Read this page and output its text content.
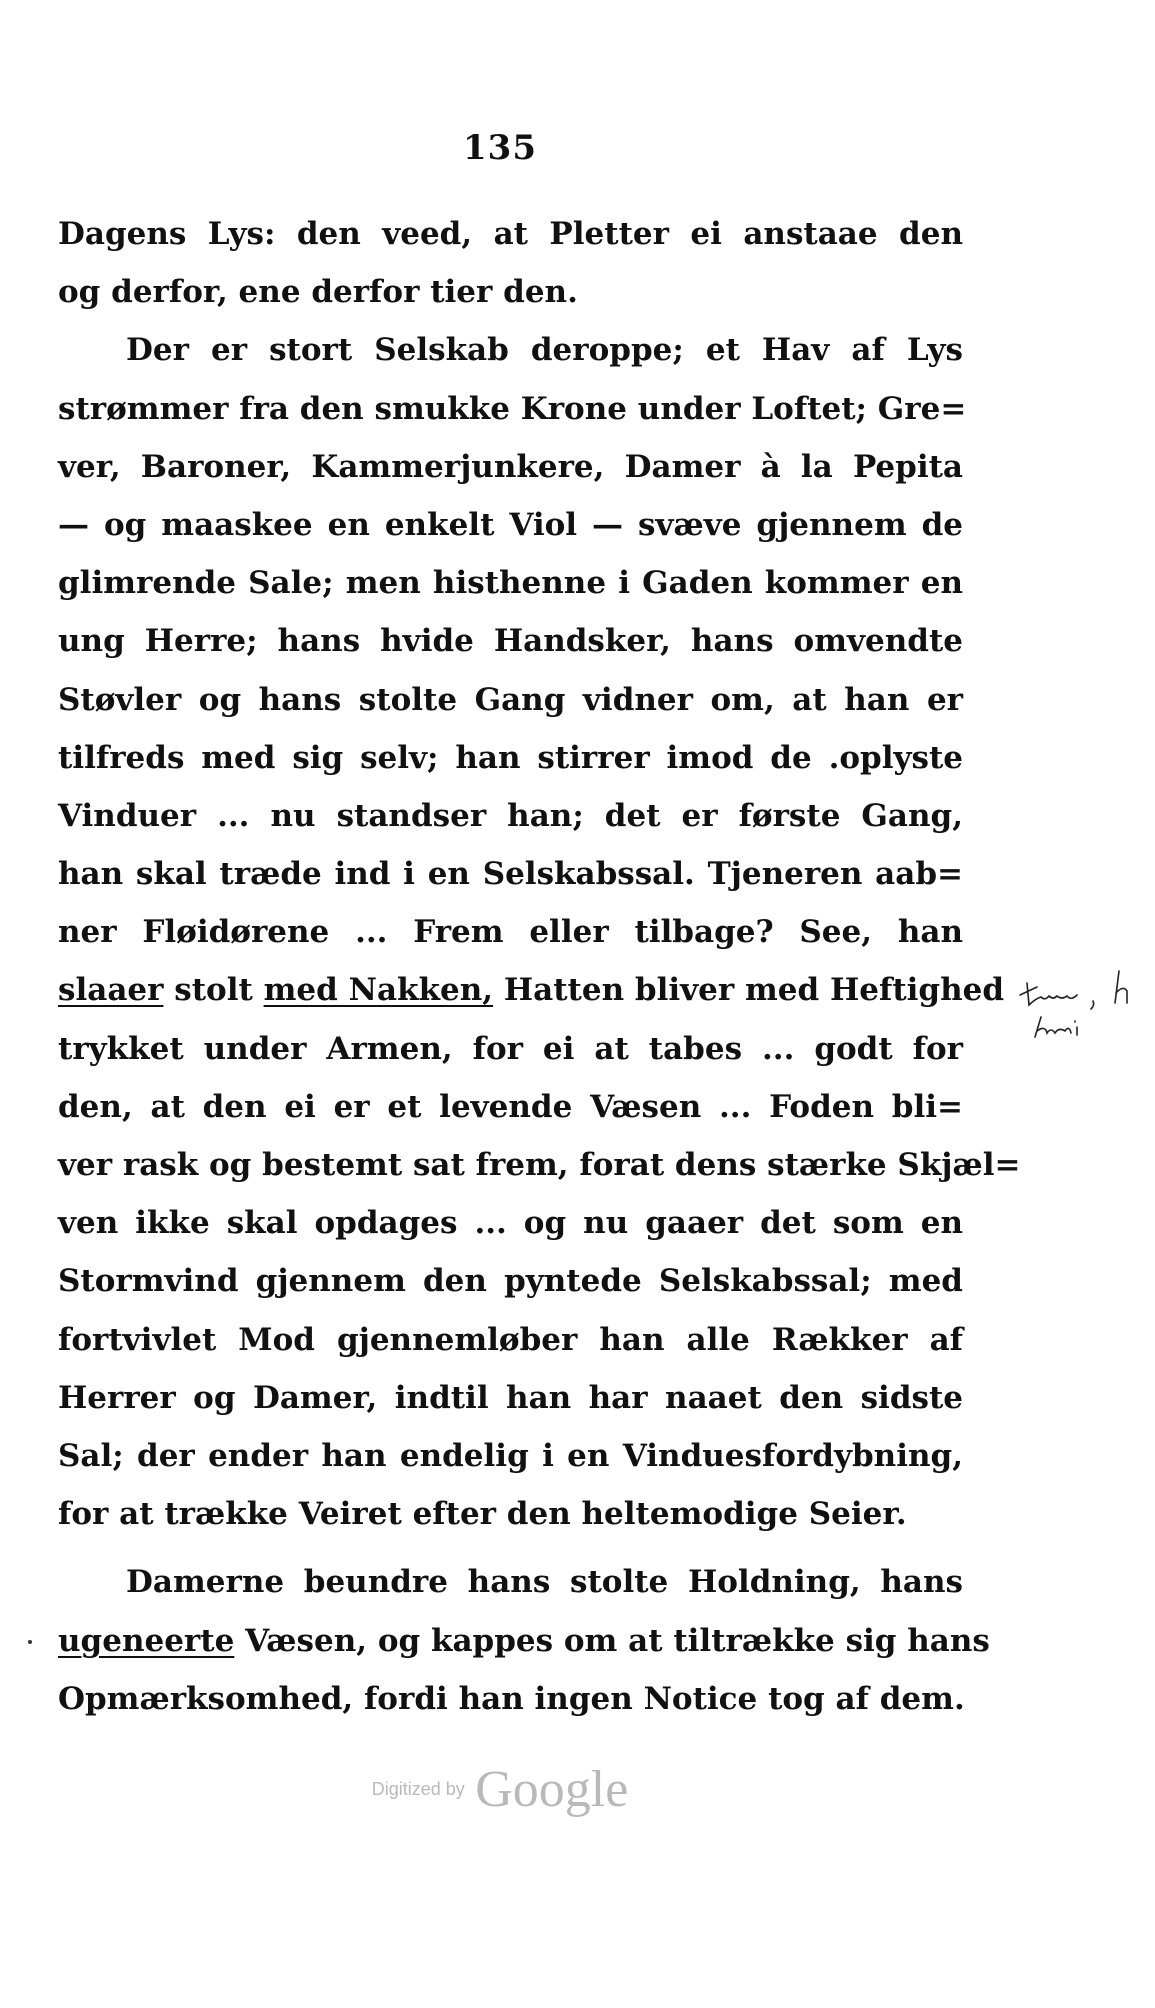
135
Dagens Lys: den veed, at Pletter ei anstaae den
og derfor, ene derfor tier den.
Der er stort Selskab deroppe; et Hav af Lys
strømmer fra den smukke Krone under Loftet; Gre=
ver, Baroner, Kammerjunkere, Damer à la Pepita
— og maaskee en enkelt Viol — svæve gjennem de
glimrende Sale; men histhenne i Gaden kommer en
ung Herre; hans hvide Handsker, hans omvendte
Støvler og hans stolte Gang vidner om, at han er
tilfreds med sig selv; han stirrer imod de .oplyste
Vinduer ... nu standser han; det er første Gang,
han skal træde ind i en Selskabssal. Tjeneren aab=
ner Fløidørene ... Frem eller tilbage? See, han
slaaer stolt med Nakken, Hatten bliver med Heftighed
trykket under Armen, for ei at tabes ... godt for
den, at den ei er et levende Væsen ... Foden bli=
ver rask og bestemt sat frem, forat dens stærke Skjæl=
ven ikke skal opdages ... og nu gaaer det som en
Stormvind gjennem den pyntede Selskabssal; med
fortvivlet Mod gjennemløber han alle Rækker af
Herrer og Damer, indtil han har naaet den sidste
Sal; der ender han endelig i en Vinduesfordybning,
for at trække Veiret efter den heltemodige Seier.
Damerne beundre hans stolte Holdning, hans
ugeneerte Væsen, og kappes om at tiltrække sig hans
Opmærksomhed, fordi han ingen Notice tog af dem.
Digitized by Google
